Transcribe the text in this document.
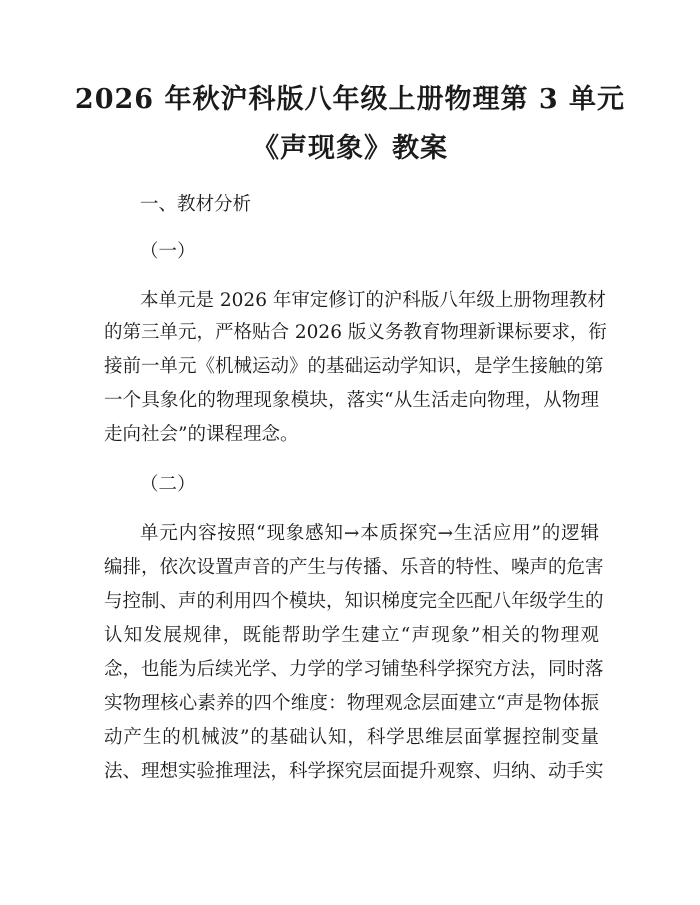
2026 年秋沪科版八年级上册物理第 3 单元
《声现象》教案

一、教材分析

（一）

本单元是 2026 年审定修订的沪科版八年级上册物理教材

的第三单元，严格贴合 2026 版义务教育物理新课标要求，衔

接前一单元《机械运动》的基础运动学知识，是学生接触的第

一个具象化的物理现象模块，落实“从生活走向物理，从物理

走向社会”的课程理念。

（二）

单元内容按照“现象感知→本质探究→生活应用”的逻辑

编排，依次设置声音的产生与传播、乐音的特性、噪声的危害

与控制、声的利用四个模块，知识梯度完全匹配八年级学生的

认知发展规律，既能帮助学生建立“声现象”相关的物理观

念，也能为后续光学、力学的学习铺垫科学探究方法，同时落

实物理核心素养的四个维度：物理观念层面建立“声是物体振

动产生的机械波”的基础认知，科学思维层面掌握控制变量

法、理想实验推理法，科学探究层面提升观察、归纳、动手实
